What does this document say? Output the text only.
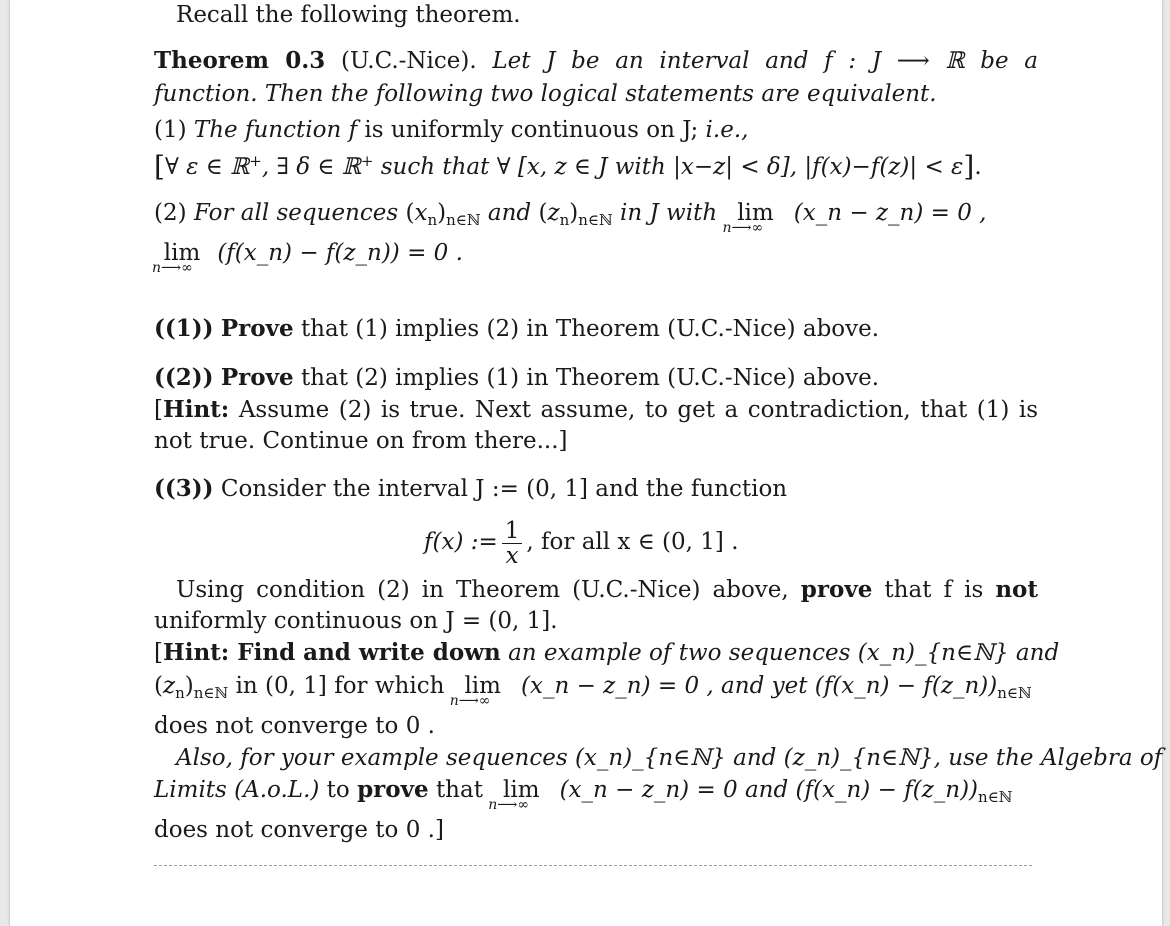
Recall the following theorem.
Theorem 0.3 (U.C.-Nice). Let J be an interval and f : J ⟶ ℝ be a
function. Then the following two logical statements are equivalent.
(1) The function f is uniformly continuous on J; i.e.,
[∀ ε ∈ ℝ+, ∃ δ ∈ ℝ+ such that ∀ [x, z ∈ J with |x−z| < δ], |f(x)−f(z)| < ε].
(2) For all sequences $(x_n)_{n\in ℕ}$ and $(z_n)_{n\in ℕ}$ in J with lim
n⟶∞
(x_n − z_n) = 0 ,
lim
n⟶∞
(f(x_n) − f(z_n)) = 0 .
((1)) Prove that (1) implies (2) in Theorem (U.C.-Nice) above.
((2)) Prove that (2) implies (1) in Theorem (U.C.-Nice) above.
[Hint: Assume (2) is true. Next assume, to get a contradiction, that (1) is
not true. Continue on from there...]
((3)) Consider the interval J := (0, 1] and the function
f(x) := $\frac{1}{x}$ , for all x ∈ (0, 1] .
Using condition (2) in Theorem (U.C.-Nice) above, prove that f is not
uniformly continuous on J = (0, 1].
[Hint: Find and write down an example of two sequences (x_n)_{n∈ℕ} and
$(z_n)_{n\in ℕ}$ in (0, 1] for which lim
n⟶∞
(x_n − z_n) = 0 , and yet (f(x_n) − $f(z\_n))_{n\in ℕ}$
does not converge to 0 .
Also, for your example sequences (x_n)_{n∈ℕ} and (z_n)_{n∈ℕ}, use the Algebra of
Limits (A.o.L.) to prove that lim
n⟶∞
(x_n − z_n) = 0 and (f(x_n) − $f(z\_n))_{n\in ℕ}$
does not converge to 0 .]
